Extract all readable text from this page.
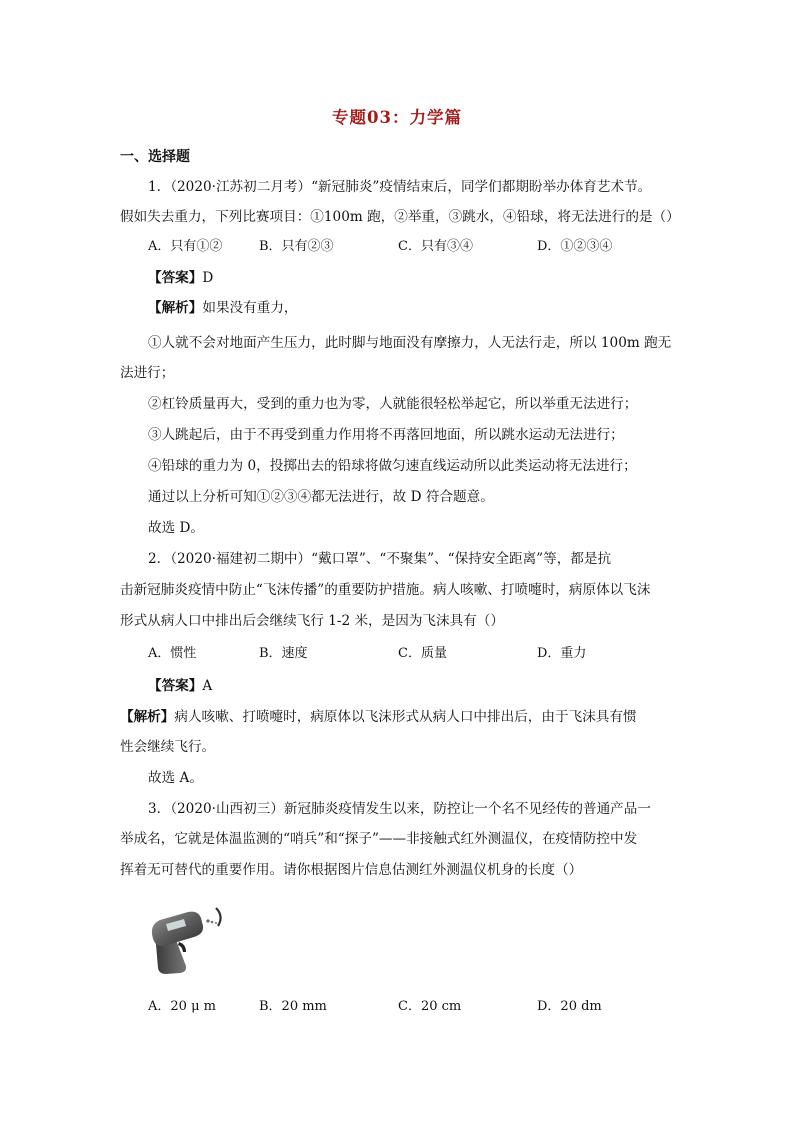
专题03：力学篇
一、选择题
1．（2020·江苏初二月考）“新冠肺炎”疫情结束后，同学们都期盼举办体育艺术节。
假如失去重力，下列比赛项目：①100m 跑，②举重，③跳水，④铅球，将无法进行的是（）
A．只有①②	B．只有②③	C．只有③④	D．①②③④
【答案】D
【解析】如果没有重力，
①人就不会对地面产生压力，此时脚与地面没有摩擦力，人无法行走，所以 100m 跑无
法进行；
②杠铃质量再大，受到的重力也为零，人就能很轻松举起它，所以举重无法进行；
③人跳起后，由于不再受到重力作用将不再落回地面，所以跳水运动无法进行；
④铅球的重力为 0，投掷出去的铅球将做匀速直线运动所以此类运动将无法进行；
通过以上分析可知①②③④都无法进行，故 D 符合题意。
故选 D。
2．（2020·福建初二期中）“戴口罩”、“不聚集”、“保持安全距离”等，都是抗
击新冠肺炎疫情中防止“飞沫传播”的重要防护措施。病人咳嗽、打喷嚏时，病原体以飞沫
形式从病人口中排出后会继续飞行 1-2 米，是因为飞沫具有（）
A．惯性	B．速度	C．质量	D．重力
【答案】A
【解析】病人咳嗽、打喷嚏时，病原体以飞沫形式从病人口中排出后，由于飞沫具有惯
性会继续飞行。
故选 A。
3．（2020·山西初三）新冠肺炎疫情发生以来，防控让一个名不见经传的普通产品一
举成名，它就是体温监测的“哨兵”和“探子”——非接触式红外测温仪，在疫情防控中发
挥着无可替代的重要作用。请你根据图片信息估测红外测温仪机身的长度（）
A．20 μ m	B．20 mm	C．20 cm	D．20 dm
